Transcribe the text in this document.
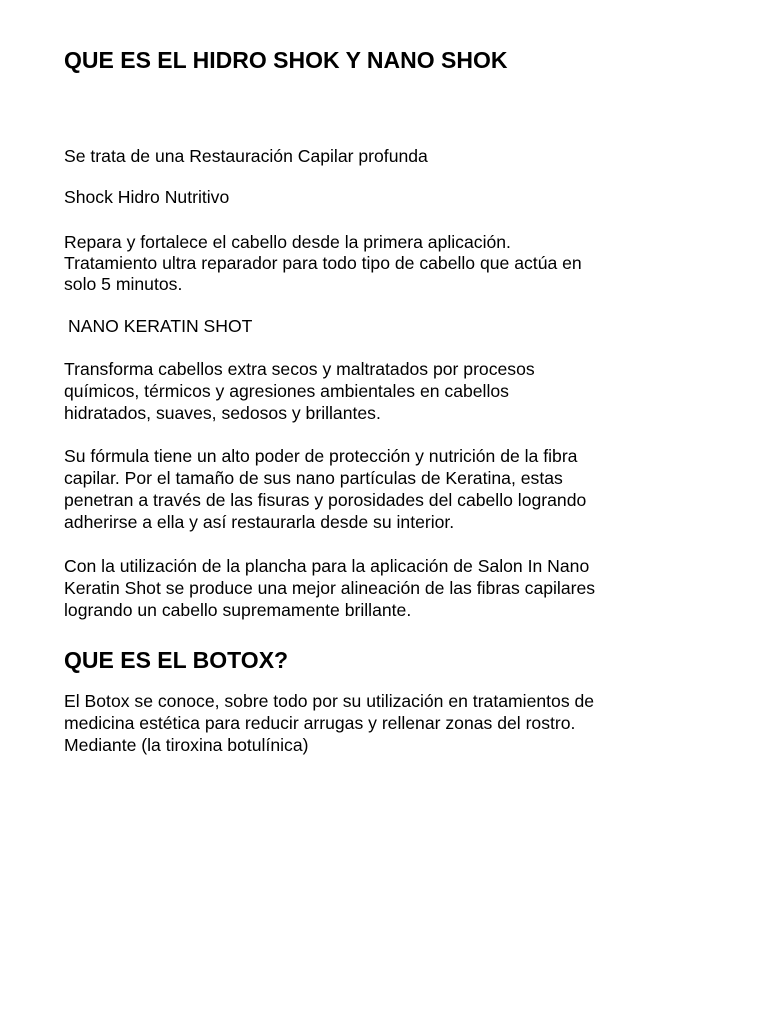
QUE ES EL HIDRO SHOK Y NANO SHOK

Se trata de una Restauración Capilar profunda

Shock Hidro Nutritivo

Repara y fortalece el cabello desde la primera aplicación.

Tratamiento ultra reparador para todo tipo de cabello que actúa en

solo 5 minutos.

NANO KERATIN SHOT

Transforma cabellos extra secos y maltratados por procesos

químicos, térmicos y agresiones ambientales en cabellos

hidratados, suaves, sedosos y brillantes.

Su fórmula tiene un alto poder de protección y nutrición de la fibra

capilar. Por el tamaño de sus nano partículas de Keratina, estas

penetran a través de las fisuras y porosidades del cabello logrando

adherirse a ella y así restaurarla desde su interior.

Con la utilización de la plancha para la aplicación de Salon In Nano

Keratin Shot se produce una mejor alineación de las fibras capilares

logrando un cabello supremamente brillante.

QUE ES EL BOTOX?

El Botox se conoce, sobre todo por su utilización en tratamientos de

medicina estética para reducir arrugas y rellenar zonas del rostro.

Mediante (la tiroxina botulínica)
